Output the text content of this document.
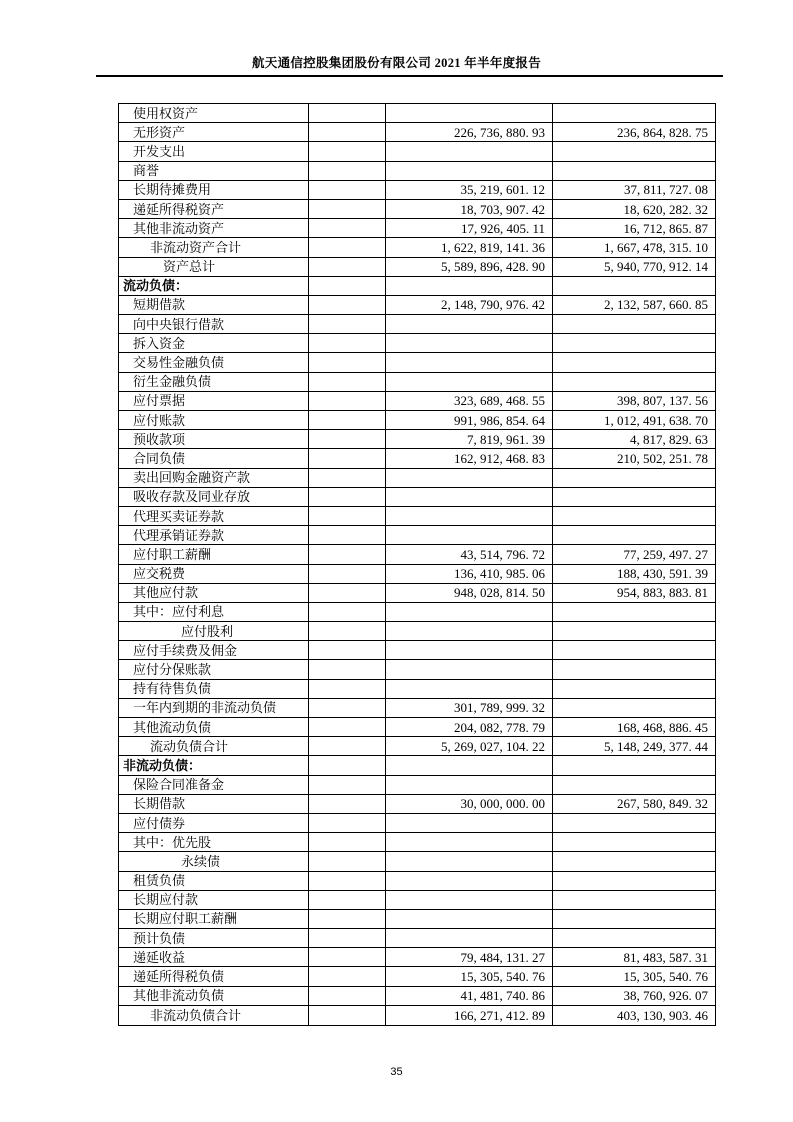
航天通信控股集团股份有限公司 2021 年半年度报告
使用权资产
无形资产	226, 736, 880. 93	236, 864, 828. 75
开发支出
商誉
长期待摊费用	35, 219, 601. 12	37, 811, 727. 08
递延所得税资产	18, 703, 907. 42	18, 620, 282. 32
其他非流动资产	17, 926, 405. 11	16, 712, 865. 87
非流动资产合计	1, 622, 819, 141. 36	1, 667, 478, 315. 10
资产总计	5, 589, 896, 428. 90	5, 940, 770, 912. 14
流动负债：
短期借款	2, 148, 790, 976. 42	2, 132, 587, 660. 85
向中央银行借款
拆入资金
交易性金融负债
衍生金融负债
应付票据	323, 689, 468. 55	398, 807, 137. 56
应付账款	991, 986, 854. 64	1, 012, 491, 638. 70
预收款项	7, 819, 961. 39	4, 817, 829. 63
合同负债	162, 912, 468. 83	210, 502, 251. 78
卖出回购金融资产款
吸收存款及同业存放
代理买卖证券款
代理承销证券款
应付职工薪酬	43, 514, 796. 72	77, 259, 497. 27
应交税费	136, 410, 985. 06	188, 430, 591. 39
其他应付款	948, 028, 814. 50	954, 883, 883. 81
其中：应付利息
应付股利
应付手续费及佣金
应付分保账款
持有待售负债
一年内到期的非流动负债	301, 789, 999. 32
其他流动负债	204, 082, 778. 79	168, 468, 886. 45
流动负债合计	5, 269, 027, 104. 22	5, 148, 249, 377. 44
非流动负债：
保险合同准备金
长期借款	30, 000, 000. 00	267, 580, 849. 32
应付债券
其中：优先股
永续债
租赁负债
长期应付款
长期应付职工薪酬
预计负债
递延收益	79, 484, 131. 27	81, 483, 587. 31
递延所得税负债	15, 305, 540. 76	15, 305, 540. 76
其他非流动负债	41, 481, 740. 86	38, 760, 926. 07
非流动负债合计	166, 271, 412. 89	403, 130, 903. 46
35
